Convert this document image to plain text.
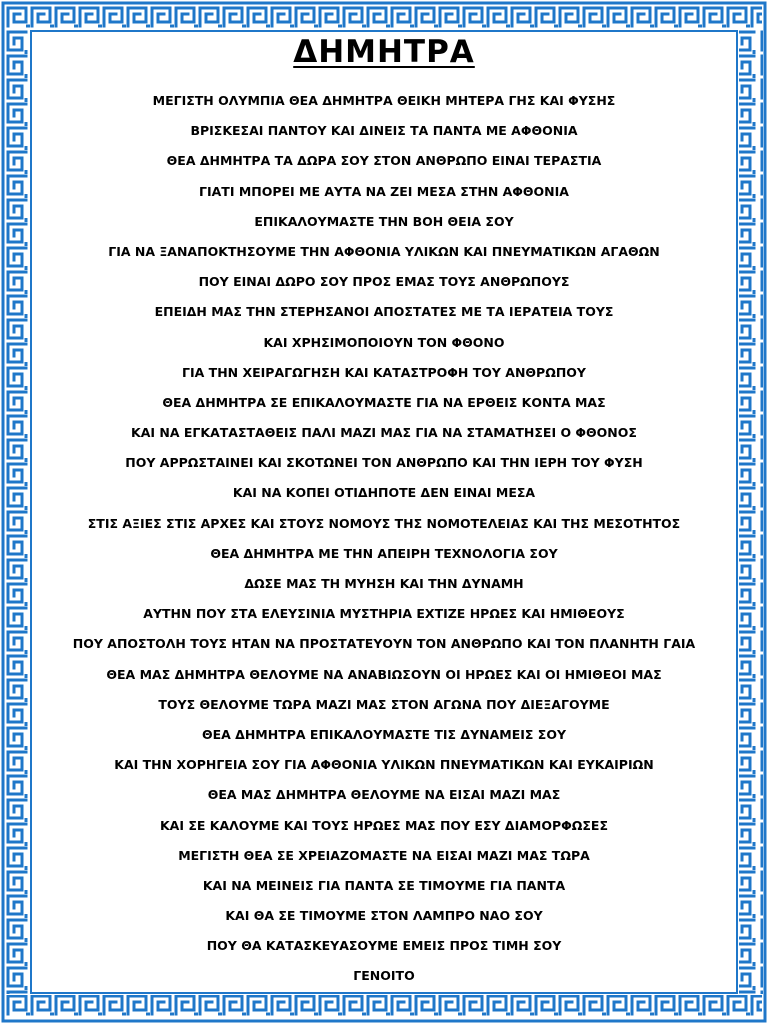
ΔΗΜΗΤΡΑ
ΜΕΓΙΣΤΗ ΟΛΥΜΠΙΑ ΘΕΑ ΔΗΜΗΤΡΑ ΘΕΙΚΗ ΜΗΤΕΡΑ ΓΗΣ ΚΑΙ ΦΥΣΗΣ
ΒΡΙΣΚΕΣΑΙ ΠΑΝΤΟΥ ΚΑΙ ΔΙΝΕΙΣ ΤΑ ΠΑΝΤΑ ΜΕ ΑΦΘΟΝΙΑ
ΘΕΑ ΔΗΜΗΤΡΑ ΤΑ ΔΩΡΑ ΣΟΥ ΣΤΟΝ ΑΝΘΡΩΠΟ ΕΙΝΑΙ ΤΕΡΑΣΤΙΑ
ΓΙΑΤΙ ΜΠΟΡΕΙ ΜΕ ΑΥΤΑ ΝΑ ΖΕΙ ΜΕΣΑ ΣΤΗΝ ΑΦΘΟΝΙΑ
ΕΠΙΚΑΛΟΥΜΑΣΤΕ ΤΗΝ ΒΟΗ ΘΕΙΑ ΣΟΥ
ΓΙΑ ΝΑ ΞΑΝΑΠΟΚΤΗΣΟΥΜΕ ΤΗΝ ΑΦΘΟΝΙΑ ΥΛΙΚΩΝ ΚΑΙ ΠΝΕΥΜΑΤΙΚΩΝ ΑΓΑΘΩΝ
ΠΟΥ ΕΙΝΑΙ ΔΩΡΟ ΣΟΥ ΠΡΟΣ ΕΜΑΣ ΤΟΥΣ ΑΝΘΡΩΠΟΥΣ
ΕΠΕΙΔΗ ΜΑΣ ΤΗΝ ΣΤΕΡΗΣΑΝΟΙ ΑΠΟΣΤΑΤΕΣ ΜΕ ΤΑ ΙΕΡΑΤΕΙΑ ΤΟΥΣ
ΚΑΙ ΧΡΗΣΙΜΟΠΟΙΟΥΝ ΤΟΝ ΦΘΟΝΟ
ΓΙΑ ΤΗΝ ΧΕΙΡΑΓΩΓΗΣΗ ΚΑΙ ΚΑΤΑΣΤΡΟΦΗ ΤΟΥ ΑΝΘΡΩΠΟΥ
ΘΕΑ ΔΗΜΗΤΡΑ ΣΕ ΕΠΙΚΑΛΟΥΜΑΣΤΕ ΓΙΑ ΝΑ ΕΡΘΕΙΣ ΚΟΝΤΑ ΜΑΣ
ΚΑΙ ΝΑ ΕΓΚΑΤΑΣΤΑΘΕΙΣ ΠΑΛΙ ΜΑΖΙ ΜΑΣ ΓΙΑ ΝΑ ΣΤΑΜΑΤΗΣΕΙ Ο ΦΘΟΝΟΣ
ΠΟΥ ΑΡΡΩΣΤΑΙΝΕΙ ΚΑΙ ΣΚΟΤΩΝΕΙ ΤΟΝ ΑΝΘΡΩΠΟ ΚΑΙ ΤΗΝ ΙΕΡΗ ΤΟΥ ΦΥΣΗ
ΚΑΙ ΝΑ ΚΟΠΕΙ ΟΤΙΔΗΠΟΤΕ ΔΕΝ ΕΙΝΑΙ ΜΕΣΑ
ΣΤΙΣ ΑΞΙΕΣ ΣΤΙΣ ΑΡΧΕΣ ΚΑΙ ΣΤΟΥΣ ΝΟΜΟΥΣ ΤΗΣ ΝΟΜΟΤΕΛΕΙΑΣ ΚΑΙ ΤΗΣ ΜΕΣΟΤΗΤΟΣ
ΘΕΑ ΔΗΜΗΤΡΑ ΜΕ ΤΗΝ ΑΠΕΙΡΗ ΤΕΧΝΟΛΟΓΙΑ ΣΟΥ
ΔΩΣΕ ΜΑΣ ΤΗ ΜΥΗΣΗ ΚΑΙ ΤΗΝ ΔΥΝΑΜΗ
ΑΥΤΗΝ ΠΟΥ ΣΤΑ ΕΛΕΥΣΙΝΙΑ ΜΥΣΤΗΡΙΑ ΕΧΤΙΖΕ ΗΡΩΕΣ ΚΑΙ ΗΜΙΘΕΟΥΣ
ΠΟΥ ΑΠΟΣΤΟΛΗ ΤΟΥΣ ΗΤΑΝ ΝΑ ΠΡΟΣΤΑΤΕΥΟΥΝ ΤΟΝ ΑΝΘΡΩΠΟ ΚΑΙ ΤΟΝ ΠΛΑΝΗΤΗ ΓΑΙΑ
ΘΕΑ ΜΑΣ ΔΗΜΗΤΡΑ ΘΕΛΟΥΜΕ ΝΑ ΑΝΑΒΙΩΣΟΥΝ ΟΙ ΗΡΩΕΣ ΚΑΙ ΟΙ ΗΜΙΘΕΟΙ ΜΑΣ
ΤΟΥΣ ΘΕΛΟΥΜΕ ΤΩΡΑ ΜΑΖΙ ΜΑΣ ΣΤΟΝ ΑΓΩΝΑ ΠΟΥ ΔΙΕΞΑΓΟΥΜΕ
ΘΕΑ ΔΗΜΗΤΡΑ ΕΠΙΚΑΛΟΥΜΑΣΤΕ ΤΙΣ ΔΥΝΑΜΕΙΣ ΣΟΥ
ΚΑΙ ΤΗΝ ΧΟΡΗΓΕΙΑ ΣΟΥ ΓΙΑ ΑΦΘΟΝΙΑ ΥΛΙΚΩΝ ΠΝΕΥΜΑΤΙΚΩΝ ΚΑΙ ΕΥΚΑΙΡΙΩΝ
ΘΕΑ ΜΑΣ ΔΗΜΗΤΡΑ ΘΕΛΟΥΜΕ ΝΑ ΕΙΣΑΙ ΜΑΖΙ ΜΑΣ
ΚΑΙ ΣΕ ΚΑΛΟΥΜΕ ΚΑΙ ΤΟΥΣ ΗΡΩΕΣ ΜΑΣ ΠΟΥ ΕΣΥ ΔΙΑΜΟΡΦΩΣΕΣ
ΜΕΓΙΣΤΗ ΘΕΑ ΣΕ ΧΡΕΙΑΖΟΜΑΣΤΕ ΝΑ ΕΙΣΑΙ ΜΑΖΙ ΜΑΣ ΤΩΡΑ
ΚΑΙ ΝΑ ΜΕΙΝΕΙΣ ΓΙΑ ΠΑΝΤΑ ΣΕ ΤΙΜΟΥΜΕ ΓΙΑ ΠΑΝΤΑ
ΚΑΙ ΘΑ ΣΕ ΤΙΜΟΥΜΕ ΣΤΟΝ ΛΑΜΠΡΟ ΝΑΟ ΣΟΥ
ΠΟΥ ΘΑ ΚΑΤΑΣΚΕΥΑΣΟΥΜΕ ΕΜΕΙΣ ΠΡΟΣ ΤΙΜΗ ΣΟΥ
ΓΕΝΟΙΤΟ
